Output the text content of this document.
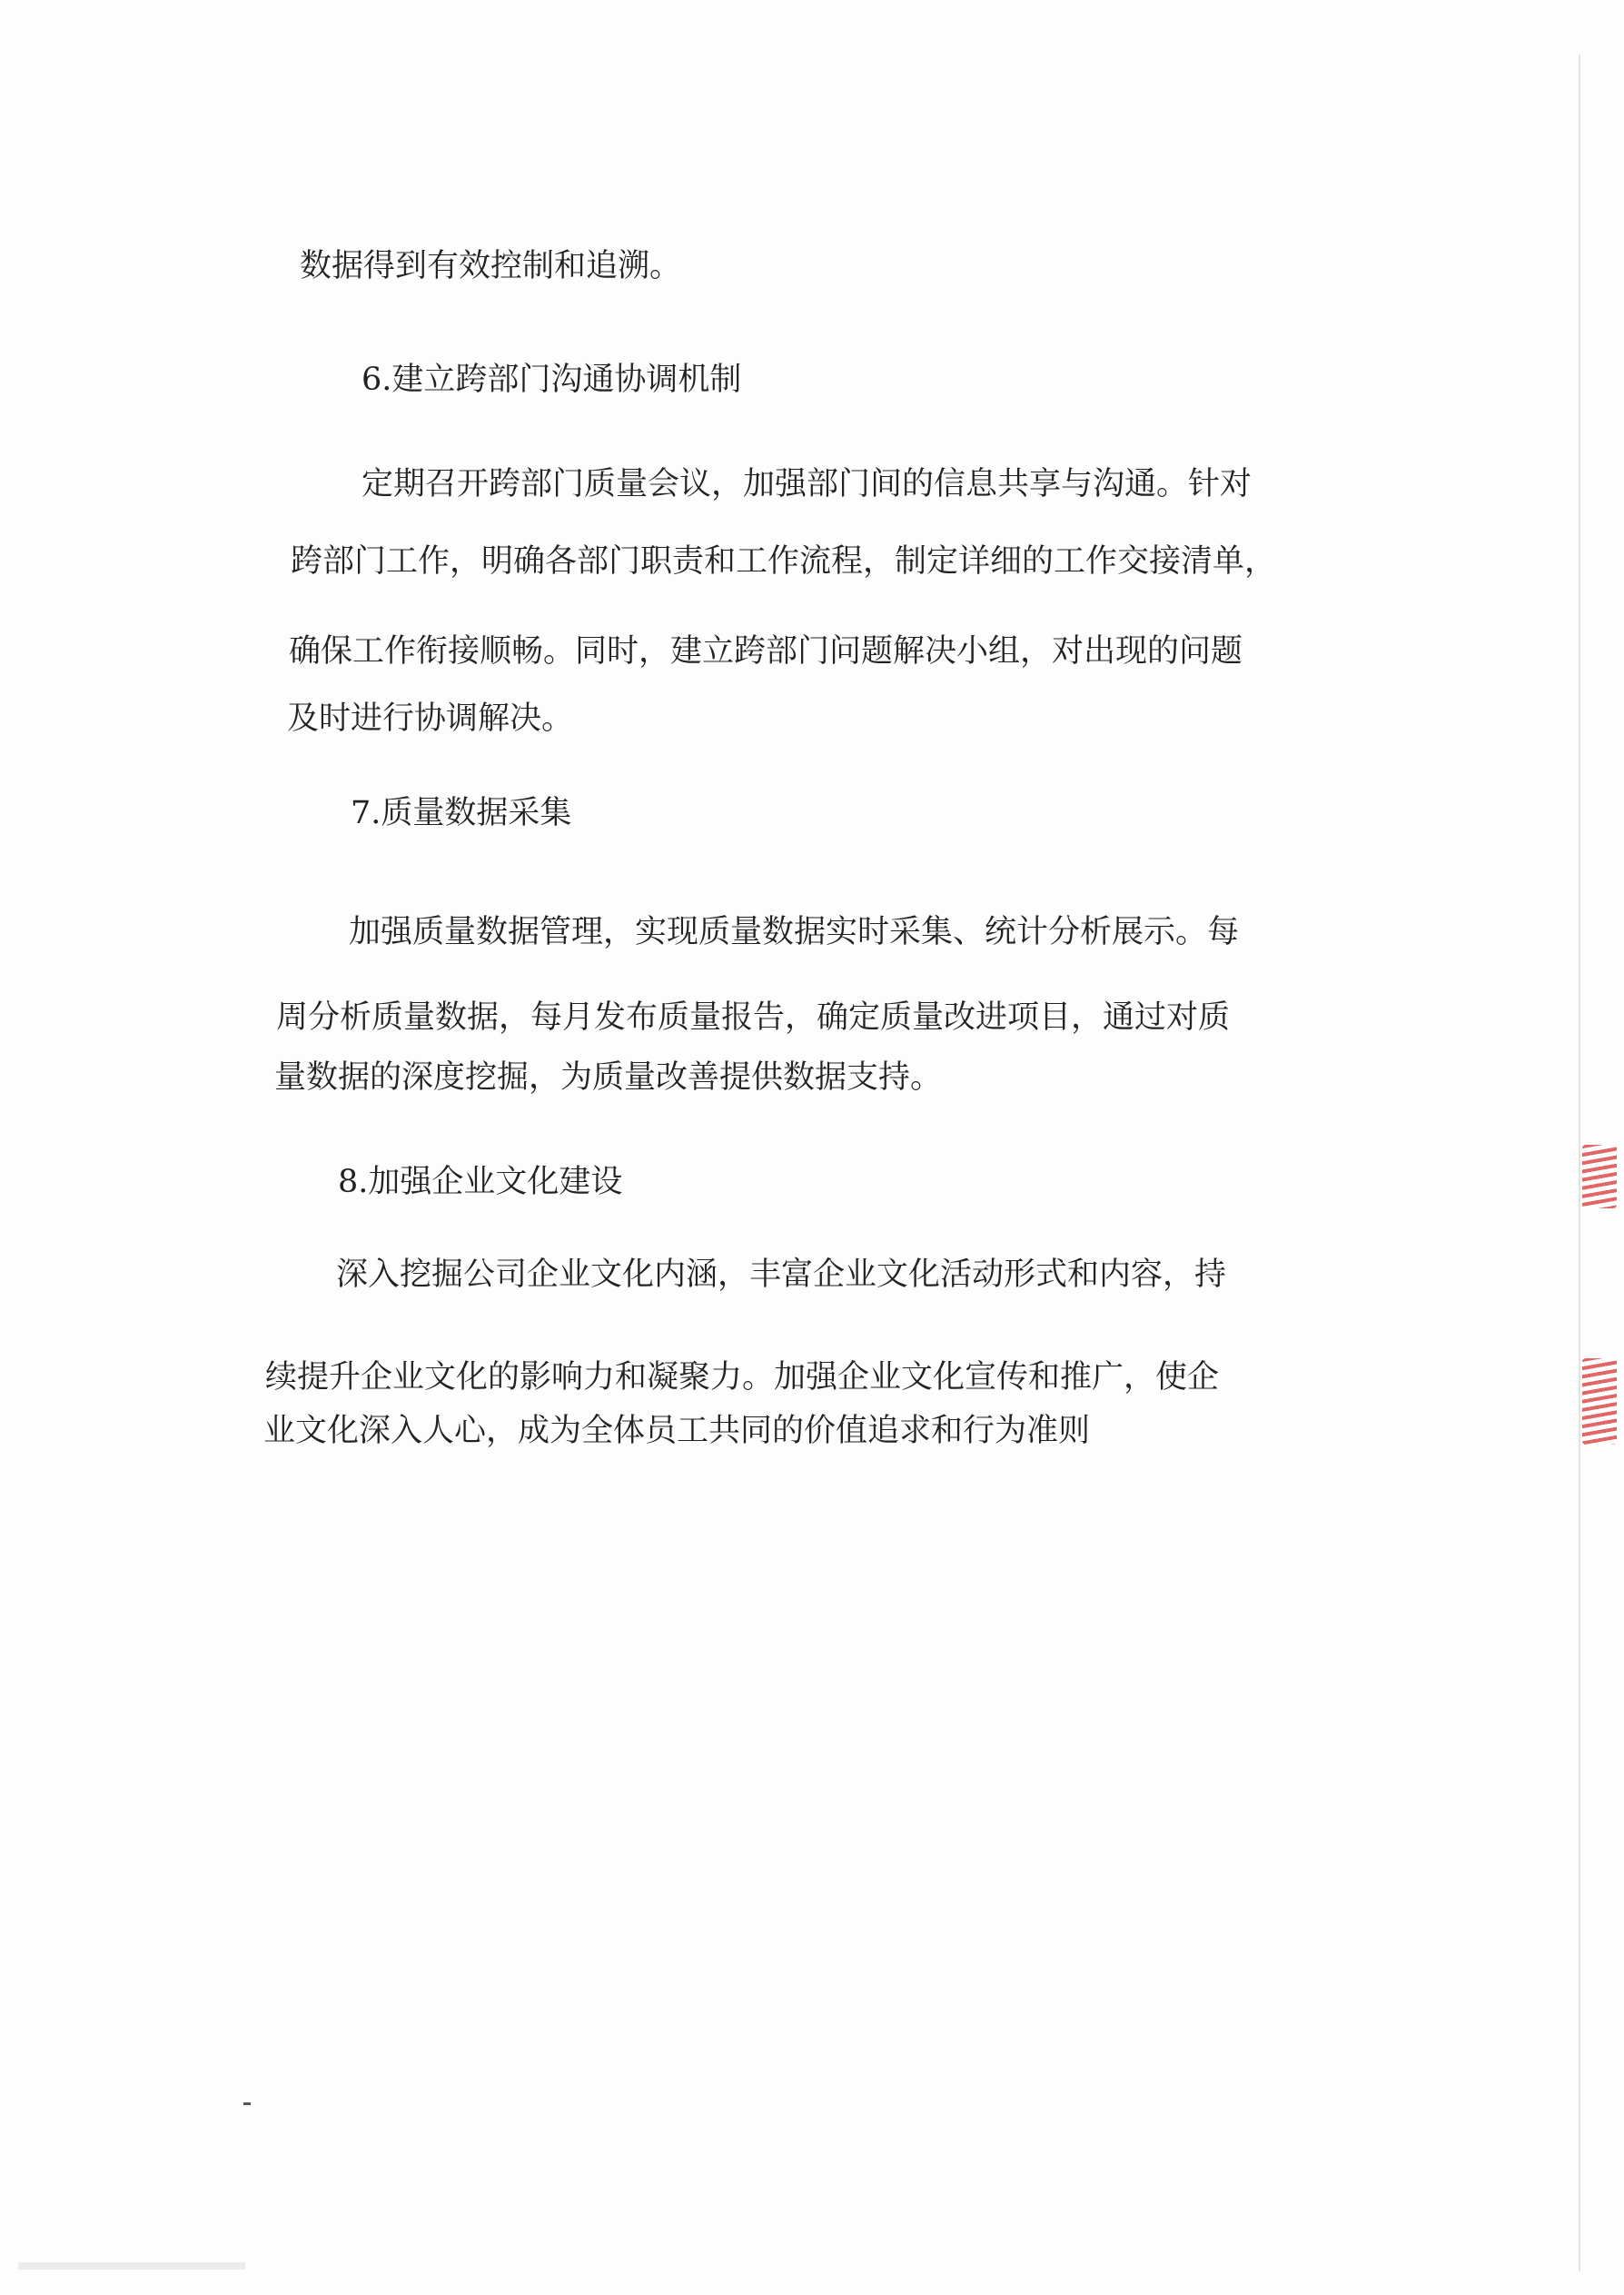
数据得到有效控制和追溯。
6.建立跨部门沟通协调机制
定期召开跨部门质量会议，加强部门间的信息共享与沟通。针对
跨部门工作，明确各部门职责和工作流程，制定详细的工作交接清单，
确保工作衔接顺畅。同时，建立跨部门问题解决小组，对出现的问题
及时进行协调解决。
7.质量数据采集
加强质量数据管理，实现质量数据实时采集、统计分析展示。每
周分析质量数据，每月发布质量报告，确定质量改进项目，通过对质
量数据的深度挖掘，为质量改善提供数据支持。
8.加强企业文化建设
深入挖掘公司企业文化内涵，丰富企业文化活动形式和内容，持
续提升企业文化的影响力和凝聚力。加强企业文化宣传和推广，使企
业文化深入人心，成为全体员工共同的价值追求和行为准则
